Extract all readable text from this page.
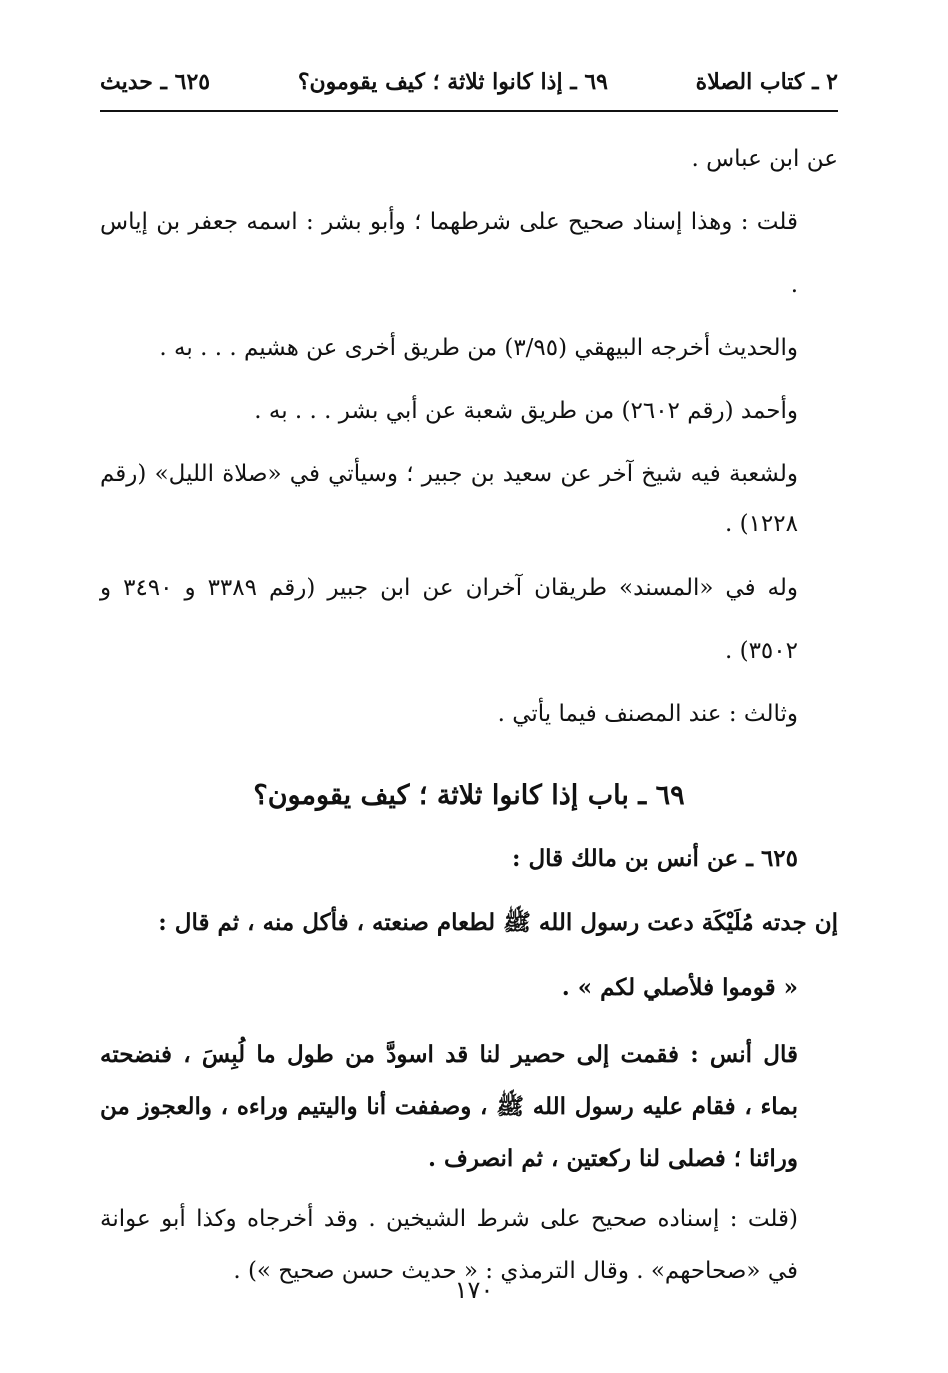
٢ ـ كتاب الصلاة
٦٩ ـ إذا كانوا ثلاثة ؛ كيف يقومون؟
٦٢٥ ـ حديث

عن ابن عباس .

قلت : وهذا إسناد صحيح على شرطهما ؛ وأبو بشر : اسمه جعفر بن إياس .

والحديث أخرجه البيهقي (٣/٩٥) من طريق أخرى عن هشيم . . . به .

وأحمد (رقم ٢٦٠٢) من طريق شعبة عن أبي بشر . . . به .

ولشعبة فيه شيخ آخر عن سعيد بن جبير ؛ وسيأتي في «صلاة الليل» (رقم ١٢٢٨) .

وله في «المسند» طريقان آخران عن ابن جبير (رقم ٣٣٨٩ و ٣٤٩٠ و ٣٥٠٢) .

وثالث : عند المصنف فيما يأتي .

٦٩ ـ باب إذا كانوا ثلاثة ؛ كيف يقومون؟

٦٢٥ ـ عن أنس بن مالك قال :

إن جدته مُلَيْكَة دعت رسول الله ﷺ لطعام صنعته ، فأكل منه ، ثم قال :

« قوموا فلأصلي لكم » .

قال أنس : فقمت إلى حصير لنا قد اسودَّ من طول ما لُبِسَ ، فنضحته بماء ، فقام عليه رسول الله ﷺ ، وصففت أنا واليتيم وراءه ، والعجوز من ورائنا ؛ فصلى لنا ركعتين ، ثم انصرف .

(قلت : إسناده صحيح على شرط الشيخين . وقد أخرجاه وكذا أبو عوانة في «صحاحهم» . وقال الترمذي : « حديث حسن صحيح ») .

١٧٠
